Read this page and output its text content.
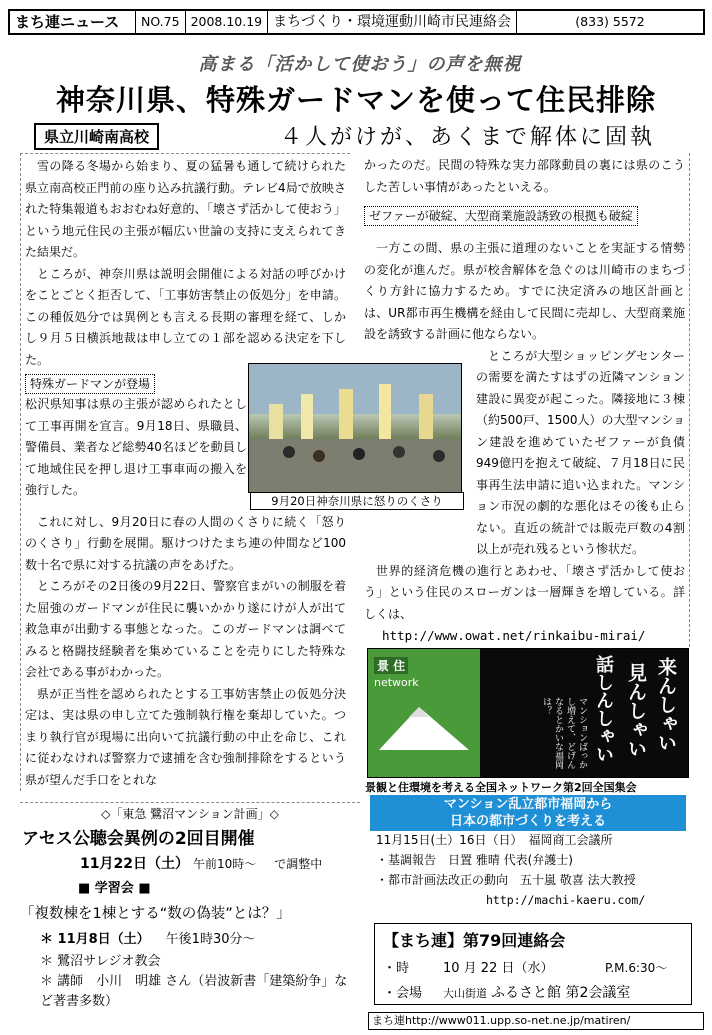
まち連ニュース	NO.75 2008.10.19 まちづくり・環境運動川崎市民連絡会	(833) 5572
高まる「活かして使おう」の声を無視
神奈川県、特殊ガードマンを使って住民排除
県立川崎南高校	４人がけが、あくまで解体に固執

雪の降る冬場から始まり、夏の猛暑も通して続けられた県立南高校正門前の座り込み抗議行動。テレビ4局で放映された特集報道もおおむね好意的、「壊さず活かして使おう」という地元住民の主張が幅広い世論の支持に支えられてきた結果だ。

ところが、神奈川県は説明会開催による対話の呼びかけをことごとく拒否して、「工事妨害禁止の仮処分」を申請。この種仮処分では異例とも言える長期の審理を経て、しかし９月５日横浜地裁は申し立ての１部を認める決定を下した。

特殊ガードマンが登場

松沢県知事は県の主張が認められたとして工事再開を宣言。9月18日、県職員、警備員、業者など総勢40名ほどを動員して地域住民を押し退け工事車両の搬入を強行した。

これに対し、9月20日に春の人間のくさりに続く「怒りのくさり」行動を展開。駆けつけたまち連の仲間など100数十名で県に対する抗議の声をあげた。

ところがその2日後の9月22日、警察官まがいの制服を着た屈強のガードマンが住民に襲いかかり遂にけが人が出て救急車が出動する事態となった。このガードマンは調べてみると格闘技経験者を集めていることを売りにした特殊な会社である事がわかった。

県が正当性を認められたとする工事妨害禁止の仮処分決定は、実は県の申し立てた強制執行権を棄却していた。つまり執行官が現場に出向いて抗議行動の中止を命じ、これに従わなければ警察力で逮捕を含む強制排除をするという県が望んだ手口をとれな

9月20日神奈川県に怒りのくさり

かったのだ。民間の特殊な実力部隊動員の裏には県のこうした苦しい事情があったといえる。

ゼファーが破綻、大型商業施設誘致の根拠も破綻

一方この間、県の主張に道理のないことを実証する情勢の変化が進んだ。県が校舎解体を急ぐのは川崎市のまちづくり方針に協力するため。すでに決定済みの地区計画とは、UR都市再生機構を経由して民間に売却し、大型商業施設を誘致する計画に他ならない。

ところが大型ショッピングセンターの需要を満たすはずの近隣マンション建設に異変が起こった。隣接地に３棟（約500戸、1500人）の大型マンション建設を進めていたゼファーが負債949億円を抱えて破綻、７月18日に民事再生法申請に追い込まれた。マンション市況の劇的な悪化はその後も止らない。直近の統計では販売戸数の4割以上が売れ残るという惨状だ。

世界的経済危機の進行とあわせ、「壊さず活かして使おう」という住民のスローガンは一層輝きを増している。詳しくは、

http://www.owat.net/rinkaibu-mirai/

景 住
network
マンションばっかし増えて、どげんなるとかいな福岡は？	来んしゃい
見んしゃい
話しんしゃい
景観と住環境を考える全国ネットワーク第2回全国集会
マンション乱立都市福岡から
日本の都市づくりを考える
11月15日(土）16日（日）　福岡商工会議所
・基調報告　日置 雅晴 代表(弁護士)
・都市計画法改正の動向　五十嵐 敬喜 法大教授
http://machi-kaeru.com/
◇「東急 鷺沼マンション計画」◇
アセス公聴会異例の2回目開催
11月22日（土） 午前10時～ で調整中
■ 学習会 ■
「複数棟を1棟とする“数の偽装”とは？」
＊ 11月8日（土） 午後1時30分～
＊ 鷺沼サレジオ教会
＊ 講師　小川　明雄 さん（岩波新書「建築紛争」など著書多数）
【まち連】第79回連絡会
・時	10 月 22 日（水）	P.M.6:30～
・会場	大山街道 ふるさと館 第2会議室
まち連http://www011.upp.so-net.ne.jp/matiren/
